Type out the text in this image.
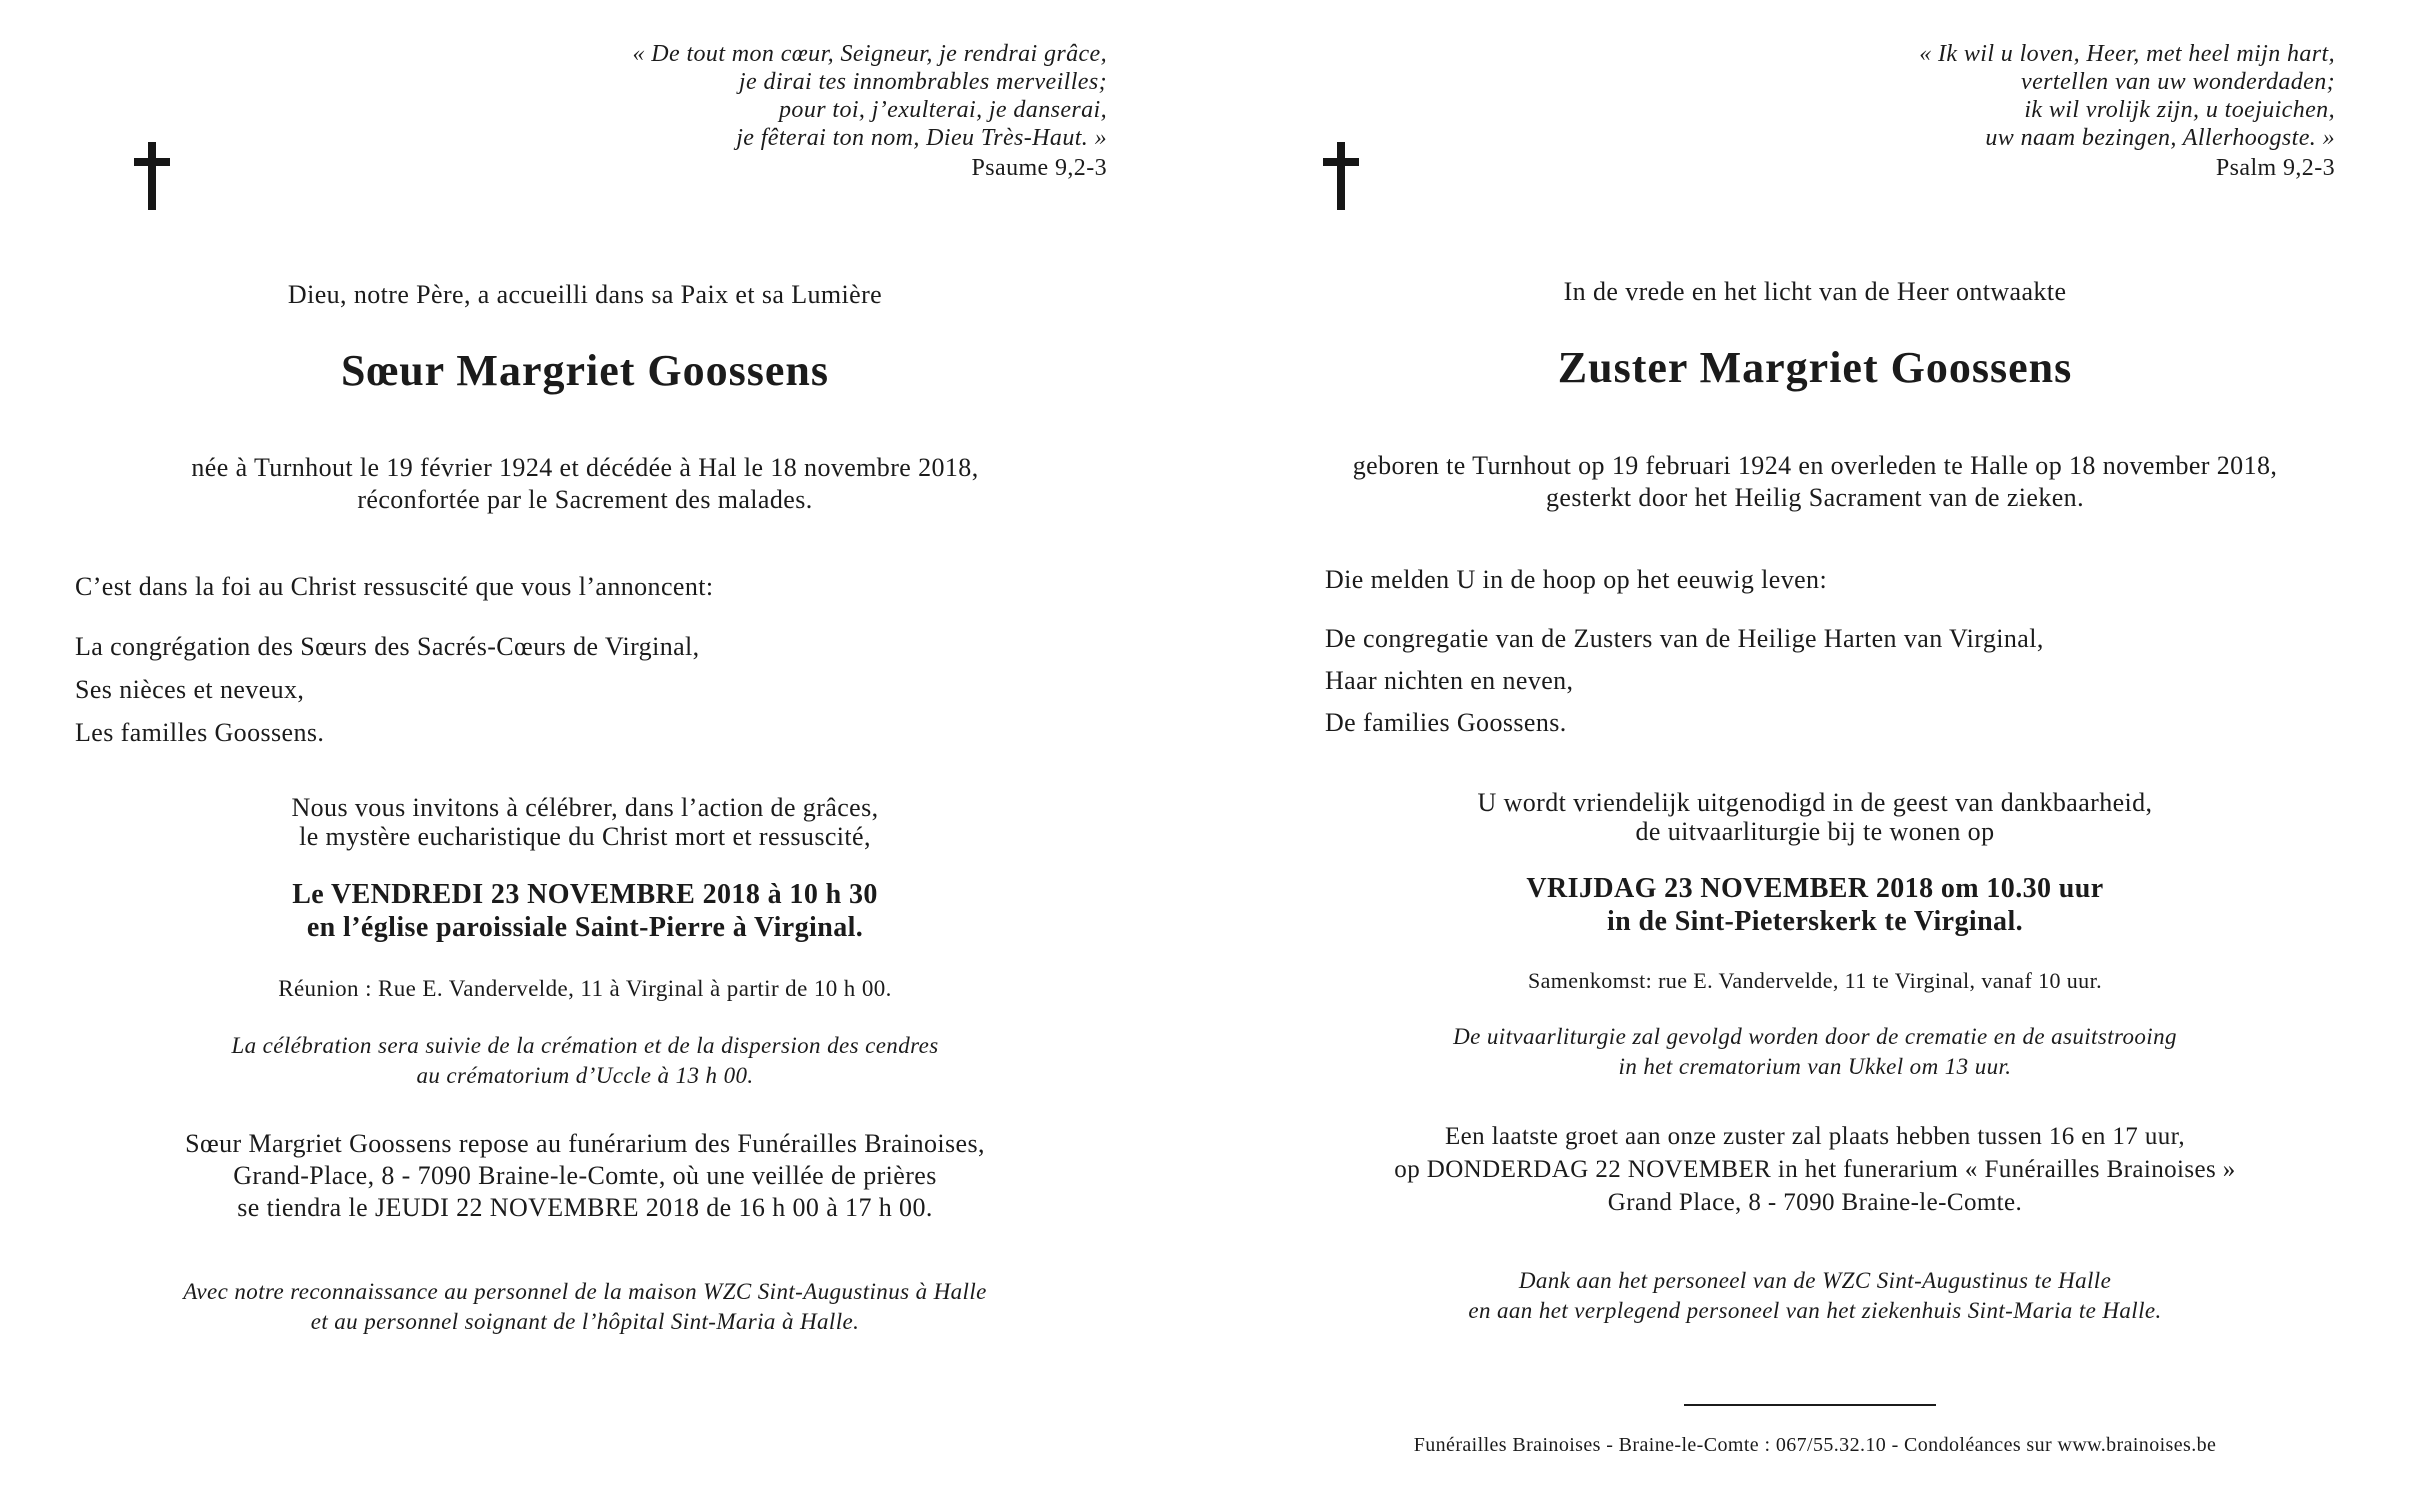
« De tout mon cœur, Seigneur, je rendrai grâce,
je dirai tes innombrables merveilles;
pour toi, j’exulterai, je danserai,
je fêterai ton nom, Dieu Très-Haut. »
Psaume 9,2-3
Dieu, notre Père, a accueilli dans sa Paix et sa Lumière
Sœur Margriet Goossens
née à Turnhout le 19 février 1924 et décédée à Hal le 18 novembre 2018,
réconfortée par le Sacrement des malades.
C’est dans la foi au Christ ressuscité que vous l’annoncent:
La congrégation des Sœurs des Sacrés-Cœurs de Virginal,
Ses nièces et neveux,
Les familles Goossens.
Nous vous invitons à célébrer, dans l’action de grâces,
le mystère eucharistique du Christ mort et ressuscité,
Le VENDREDI 23 NOVEMBRE 2018 à 10 h 30
en l’église paroissiale Saint-Pierre à Virginal.
Réunion : Rue E. Vandervelde, 11 à Virginal à partir de 10 h 00.
La célébration sera suivie de la crémation et de la dispersion des cendres
au crématorium d’Uccle à 13 h 00.
Sœur Margriet Goossens repose au funérarium des Funérailles Brainoises,
Grand-Place, 8 - 7090 Braine-le-Comte, où une veillée de prières
se tiendra le JEUDI 22 NOVEMBRE 2018 de 16 h 00 à 17 h 00.
Avec notre reconnaissance au personnel de la maison WZC Sint-Augustinus à Halle
et au personnel soignant de l’hôpital Sint-Maria à Halle.
« Ik wil u loven, Heer, met heel mijn hart,
vertellen van uw wonderdaden;
ik wil vrolijk zijn, u toejuichen,
uw naam bezingen, Allerhoogste. »
Psalm 9,2-3
In de vrede en het licht van de Heer ontwaakte
Zuster Margriet Goossens
geboren te Turnhout op 19 februari 1924 en overleden te Halle op 18 november 2018,
gesterkt door het Heilig Sacrament van de zieken.
Die melden U in de hoop op het eeuwig leven:
De congregatie van de Zusters van de Heilige Harten van Virginal,
Haar nichten en neven,
De families Goossens.
U wordt vriendelijk uitgenodigd in de geest van dankbaarheid,
de uitvaarliturgie bij te wonen op
VRIJDAG 23 NOVEMBER 2018 om 10.30 uur
in de Sint-Pieterskerk te Virginal.
Samenkomst: rue E. Vandervelde, 11 te Virginal, vanaf 10 uur.
De uitvaarliturgie zal gevolgd worden door de crematie en de asuitstrooing
in het crematorium van Ukkel om 13 uur.
Een laatste groet aan onze zuster zal plaats hebben tussen 16 en 17 uur,
op DONDERDAG 22 NOVEMBER in het funerarium « Funérailles Brainoises »
Grand Place, 8 - 7090 Braine-le-Comte.
Dank aan het personeel van de WZC Sint-Augustinus te Halle
en aan het verplegend personeel van het ziekenhuis Sint-Maria te Halle.
Funérailles Brainoises - Braine-le-Comte : 067/55.32.10 - Condoléances sur www.brainoises.be
